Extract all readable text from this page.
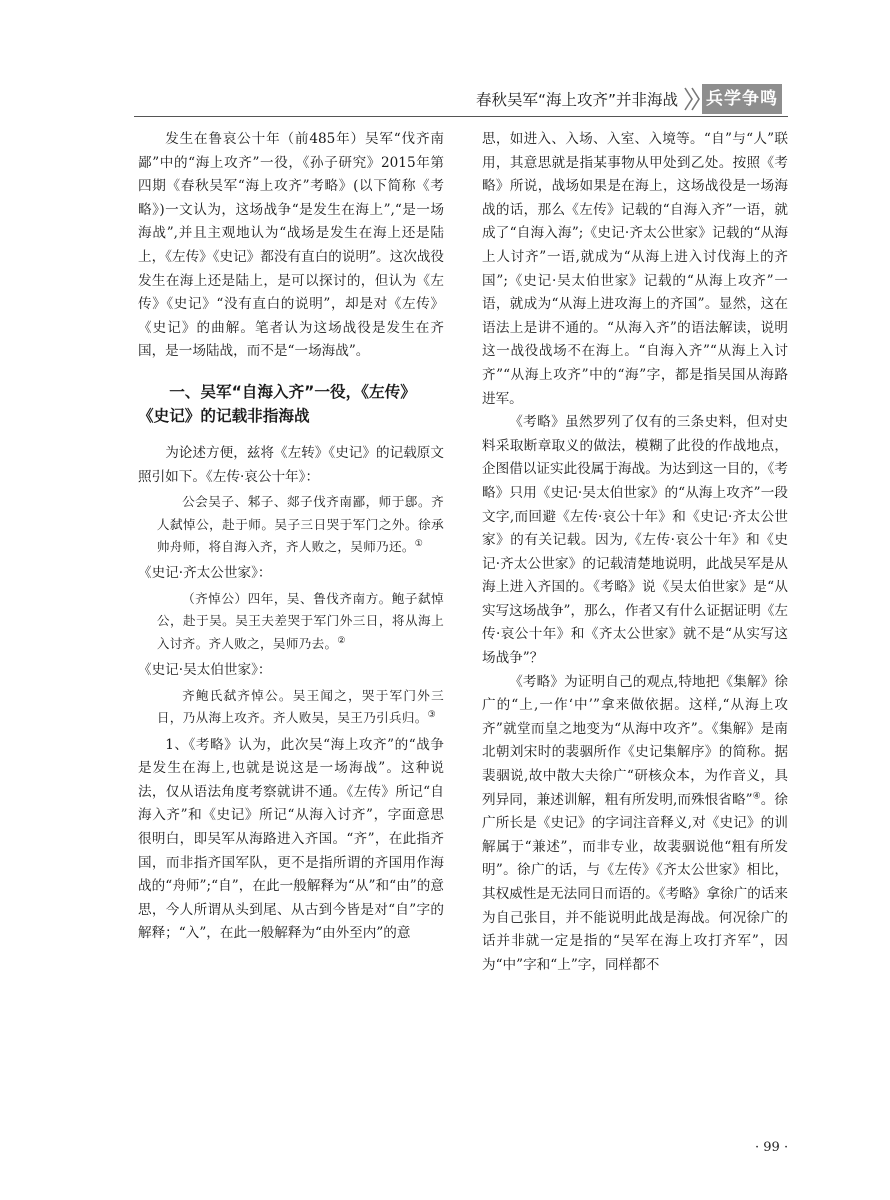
春秋吴军“海上攻齐”并非海战 兵学争鸣

发生在鲁哀公十年（前485年）吴军“伐齐南鄙”中的“海上攻齐”一役，《孙子研究》2015年第四期《春秋吴军“海上攻齐”考略》(以下简称《考略》)一文认为，这场战争“是发生在海上”,“是一场海战”,并且主观地认为“战场是发生在海上还是陆上，《左传》《史记》都没有直白的说明”。这次战役发生在海上还是陆上，是可以探讨的，但认为《左传》《史记》“没有直白的说明”，却是对《左传》《史记》的曲解。笔者认为这场战役是发生在齐国，是一场陆战，而不是“一场海战”。

一、吴军“自海入齐”一役，《左传》
《史记》的记载非指海战

为论述方便，兹将《左转》《史记》的记载原文照引如下。《左传·哀公十年》：

公会吴子、邾子、郯子伐齐南鄙，师于鄎。齐人弑悼公，赴于师。吴子三日哭于军门之外。徐承帅舟师，将自海入齐，齐人败之，吴师乃还。①

《史记·齐太公世家》：

（齐悼公）四年，吴、鲁伐齐南方。鲍子弑悼公，赴于吴。吴王夫差哭于军门外三日，将从海上入讨齐。齐人败之，吴师乃去。②

《史记·吴太伯世家》：

齐鲍氏弑齐悼公。吴王闻之，哭于军门外三日，乃从海上攻齐。齐人败吴，吴王乃引兵归。③

1、《考略》认为，此次吴“海上攻齐”的“战争是发生在海上,也就是说这是一场海战”。这种说法，仅从语法角度考察就讲不通。《左传》所记“自海入齐”和《史记》所记“从海入讨齐”，字面意思很明白，即吴军从海路进入齐国。“齐”，在此指齐国，而非指齐国军队，更不是指所谓的齐国用作海战的“舟师”;“自”，在此一般解释为“从”和“由”的意思，今人所谓从头到尾、从古到今皆是对“自”字的解释；“入”，在此一般解释为“由外至内”的意

思，如进入、入场、入室、入境等。“自”与“人”联用，其意思就是指某事物从甲处到乙处。按照《考略》所说，战场如果是在海上，这场战役是一场海战的话，那么《左传》记载的“自海入齐”一语，就成了“自海入海”;《史记·齐太公世家》记载的“从海上人讨齐”一语,就成为“从海上进入讨伐海上的齐国”;《史记·吴太伯世家》记载的“从海上攻齐”一语，就成为“从海上进攻海上的齐国”。显然，这在语法上是讲不通的。“从海入齐”的语法解读，说明这一战役战场不在海上。“自海入齐”“从海上入讨齐”“从海上攻齐”中的“海”字，都是指吴国从海路进军。

《考略》虽然罗列了仅有的三条史料，但对史料采取断章取义的做法，模糊了此役的作战地点，企图借以证实此役属于海战。为达到这一目的，《考略》只用《史记·吴太伯世家》的“从海上攻齐”一段文字,而回避《左传·哀公十年》和《史记·齐太公世家》的有关记载。因为,《左传·哀公十年》和《史记·齐太公世家》的记载清楚地说明，此战吴军是从海上进入齐国的。《考略》说《吴太伯世家》是“从实写这场战争”，那么，作者又有什么证据证明《左传·哀公十年》和《齐太公世家》就不是“从实写这场战争”？

《考略》为证明自己的观点,特地把《集解》徐广的“上,一作‘中’”拿来做依据。这样,“从海上攻齐”就堂而皇之地变为“从海中攻齐”。《集解》是南北朝刘宋时的裴骃所作《史记集解序》的简称。据裴骃说,故中散大夫徐广“研核众本，为作音义，具列异同，兼述训解，粗有所发明,而殊恨省略”④。徐广所长是《史记》的字词注音释义,对《史记》的训解属于“兼述”，而非专业，故裴骃说他“粗有所发明”。徐广的话，与《左传》《齐太公世家》相比，其权威性是无法同日而语的。《考略》拿徐广的话来为自己张目，并不能说明此战是海战。何况徐广的话并非就一定是指的“吴军在海上攻打齐军”，因为“中”字和“上”字，同样都不

· 99 ·
